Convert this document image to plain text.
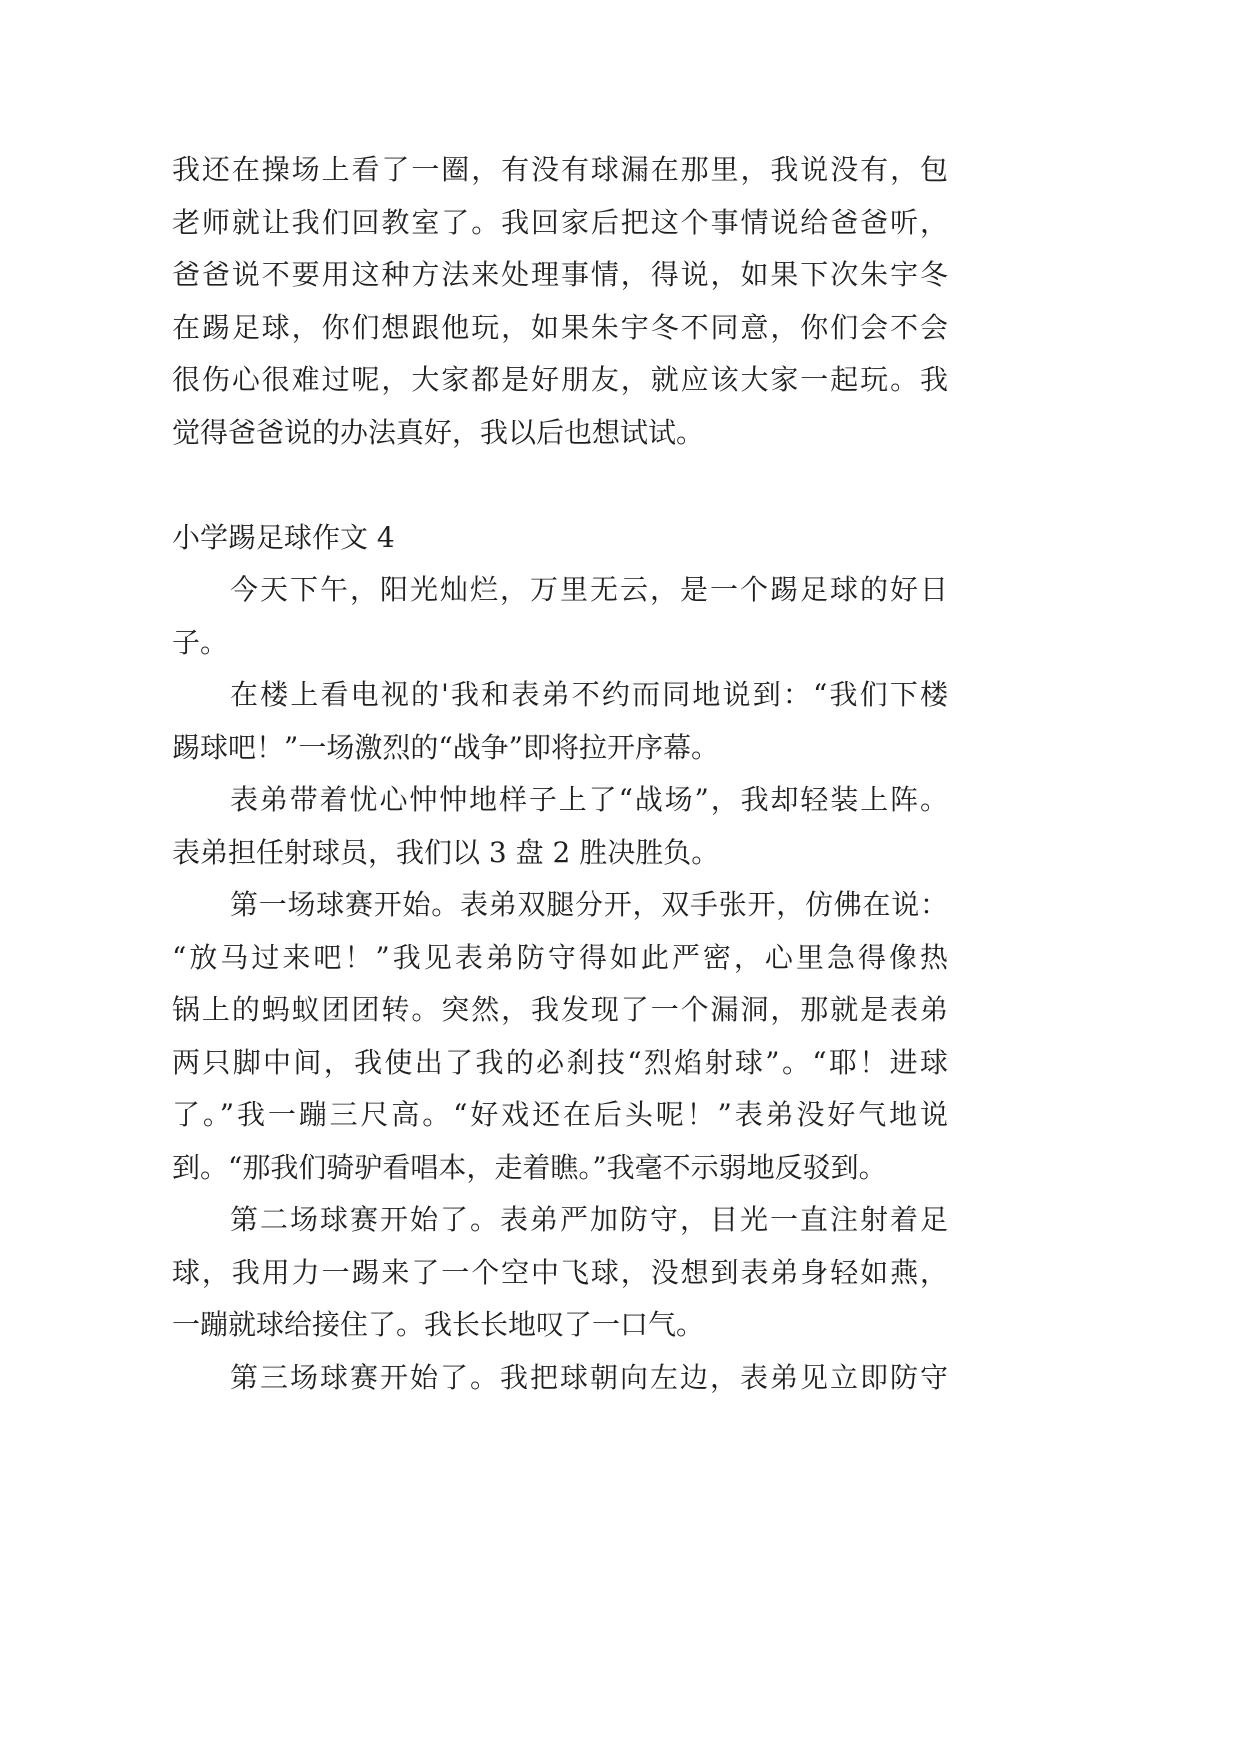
我还在操场上看了一圈，有没有球漏在那里，我说没有，包
老师就让我们回教室了。我回家后把这个事情说给爸爸听，
爸爸说不要用这种方法来处理事情，得说，如果下次朱宇冬
在踢足球，你们想跟他玩，如果朱宇冬不同意，你们会不会
很伤心很难过呢，大家都是好朋友，就应该大家一起玩。我
觉得爸爸说的办法真好，我以后也想试试。
小学踢足球作文 4
今天下午，阳光灿烂，万里无云，是一个踢足球的好日
子。
在楼上看电视的'我和表弟不约而同地说到：“我们下楼
踢球吧！”一场激烈的“战争”即将拉开序幕。
表弟带着忧心忡忡地样子上了“战场”，我却轻装上阵。
表弟担任射球员，我们以 3 盘 2 胜决胜负。
第一场球赛开始。表弟双腿分开，双手张开，仿佛在说：
“放马过来吧！”我见表弟防守得如此严密，心里急得像热
锅上的蚂蚁团团转。突然，我发现了一个漏洞，那就是表弟
两只脚中间，我使出了我的必刹技“烈焰射球”。“耶！进球
了。”我一蹦三尺高。“好戏还在后头呢！”表弟没好气地说
到。“那我们骑驴看唱本，走着瞧。”我毫不示弱地反驳到。
第二场球赛开始了。表弟严加防守，目光一直注射着足
球，我用力一踢来了一个空中飞球，没想到表弟身轻如燕，
一蹦就球给接住了。我长长地叹了一口气。
第三场球赛开始了。我把球朝向左边，表弟见立即防守
